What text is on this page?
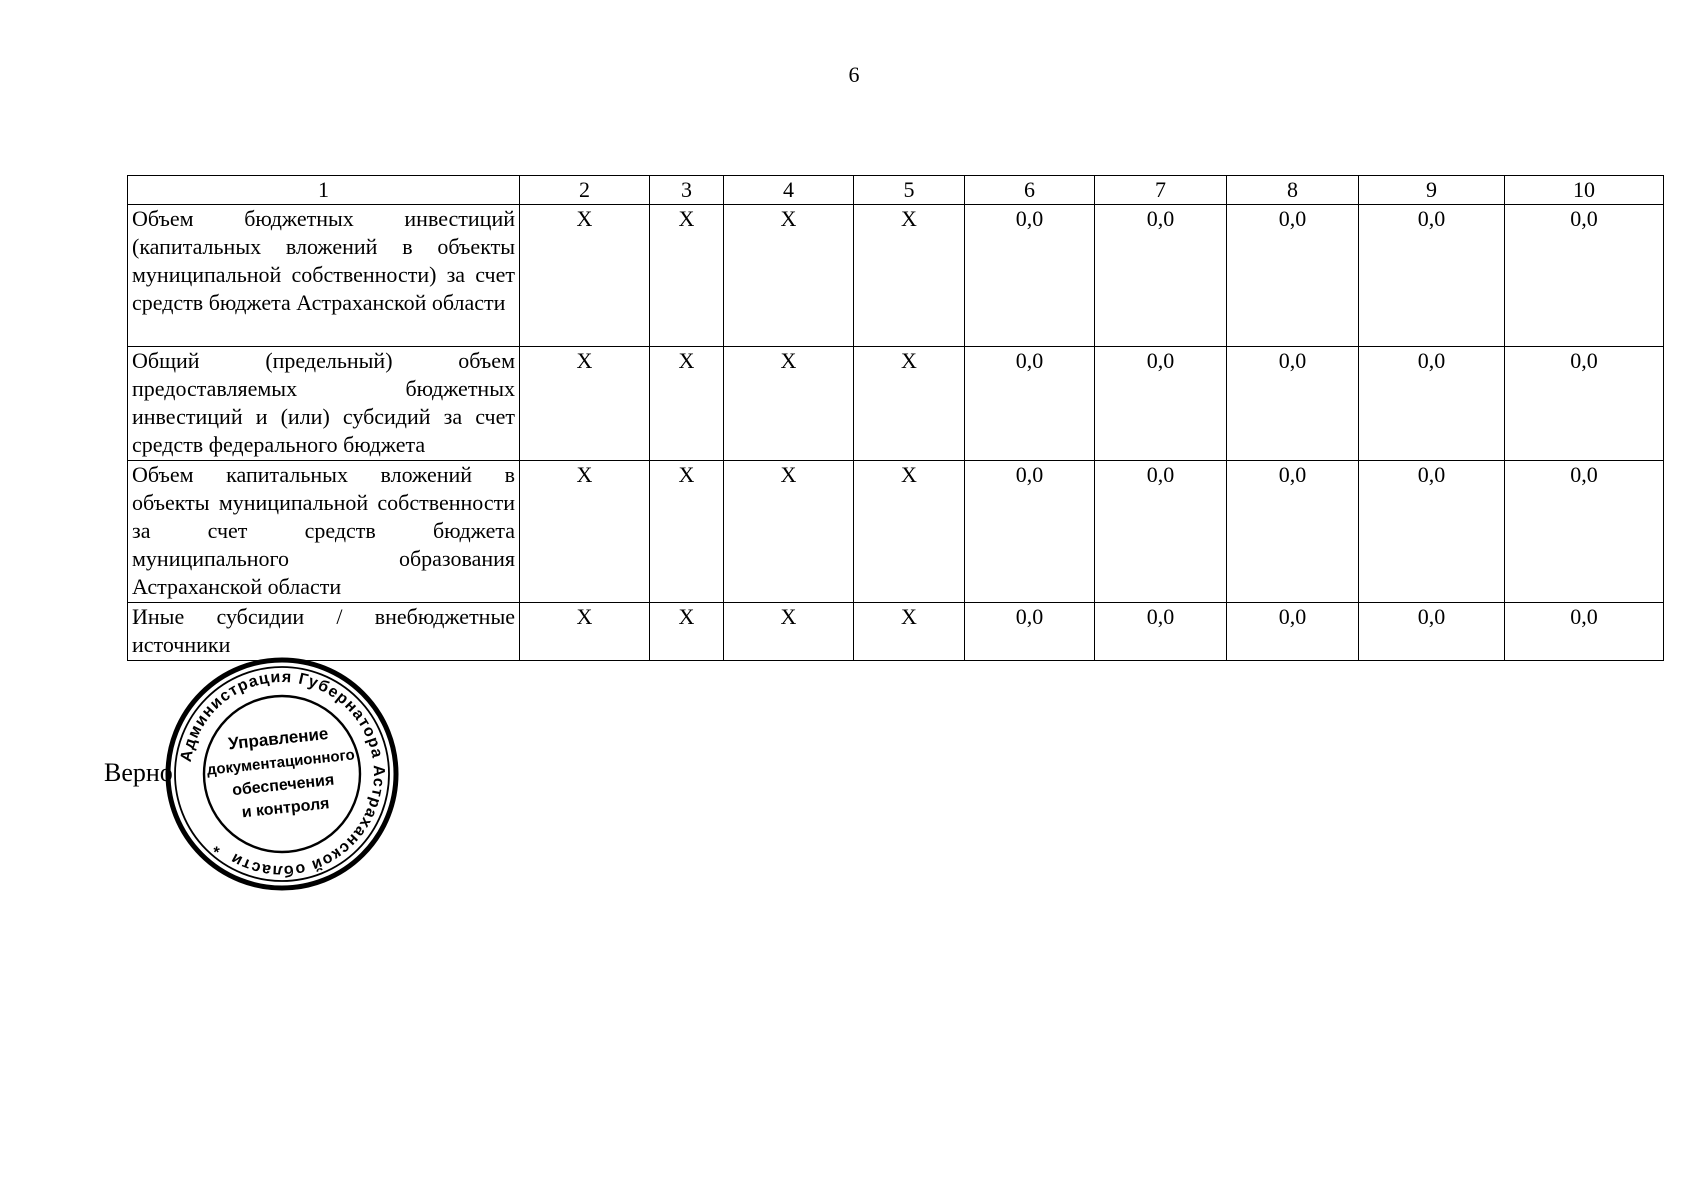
6
1	2	3	4	5	6	7	8	9	10
Объем бюджетных инвестиций (капитальных вложений в объекты муниципальной собственности) за счет средств бюджета Астраханской области	X	X	X	X	0,0	0,0	0,0	0,0	0,0
Общий (предельный) объем предоставляемых бюджетных инвестиций и (или) субсидий за счет средств федерального бюджета	X	X	X	X	0,0	0,0	0,0	0,0	0,0
Объем капитальных вложений в объекты муниципальной собственности за счет средств бюджета муниципального образования Астраханской области	X	X	X	X	0,0	0,0	0,0	0,0	0,0
Иные субсидии / внебюджетные источники	X	X	X	X	0,0	0,0	0,0	0,0	0,0
Верно
Администрация Губернатора Астраханской области *
Управление
документационного
обеспечения
и контроля
